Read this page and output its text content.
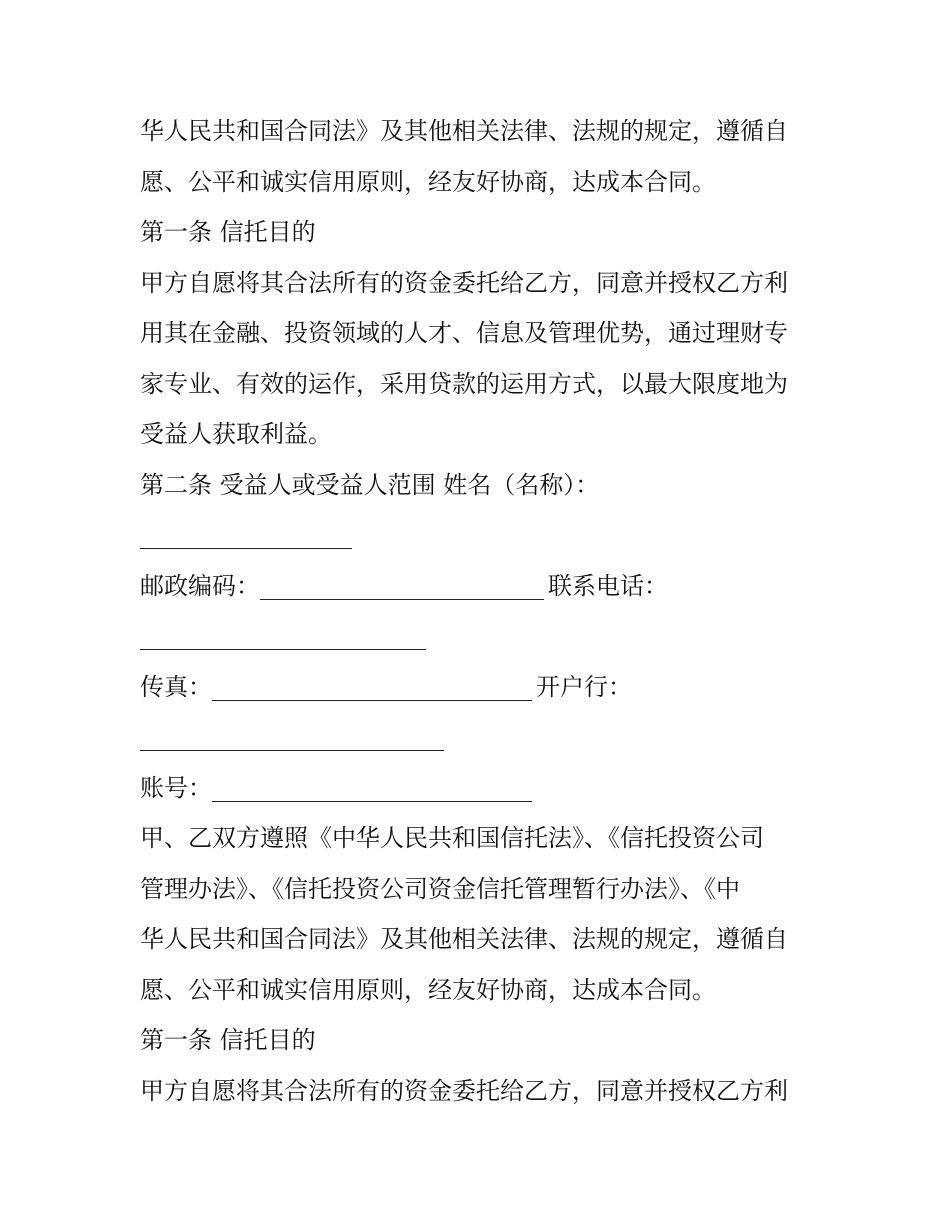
华人民共和国合同法》及其他相关法律、法规的规定，遵循自
愿、公平和诚实信用原则，经友好协商，达成本合同。
第一条 信托目的
甲方自愿将其合法所有的资金委托给乙方，同意并授权乙方利
用其在金融、投资领域的人才、信息及管理优势，通过理财专
家专业、有效的运作，采用贷款的运用方式，以最大限度地为
受益人获取利益。
第二条 受益人或受益人范围 姓名（名称）：
邮政编码：	联系电话：
传真：	开户行：
账号：
甲、乙双方遵照《中华人民共和国信托法》、《信托投资公司
管理办法》、《信托投资公司资金信托管理暂行办法》、《中
华人民共和国合同法》及其他相关法律、法规的规定，遵循自
愿、公平和诚实信用原则，经友好协商，达成本合同。
第一条 信托目的
甲方自愿将其合法所有的资金委托给乙方，同意并授权乙方利
